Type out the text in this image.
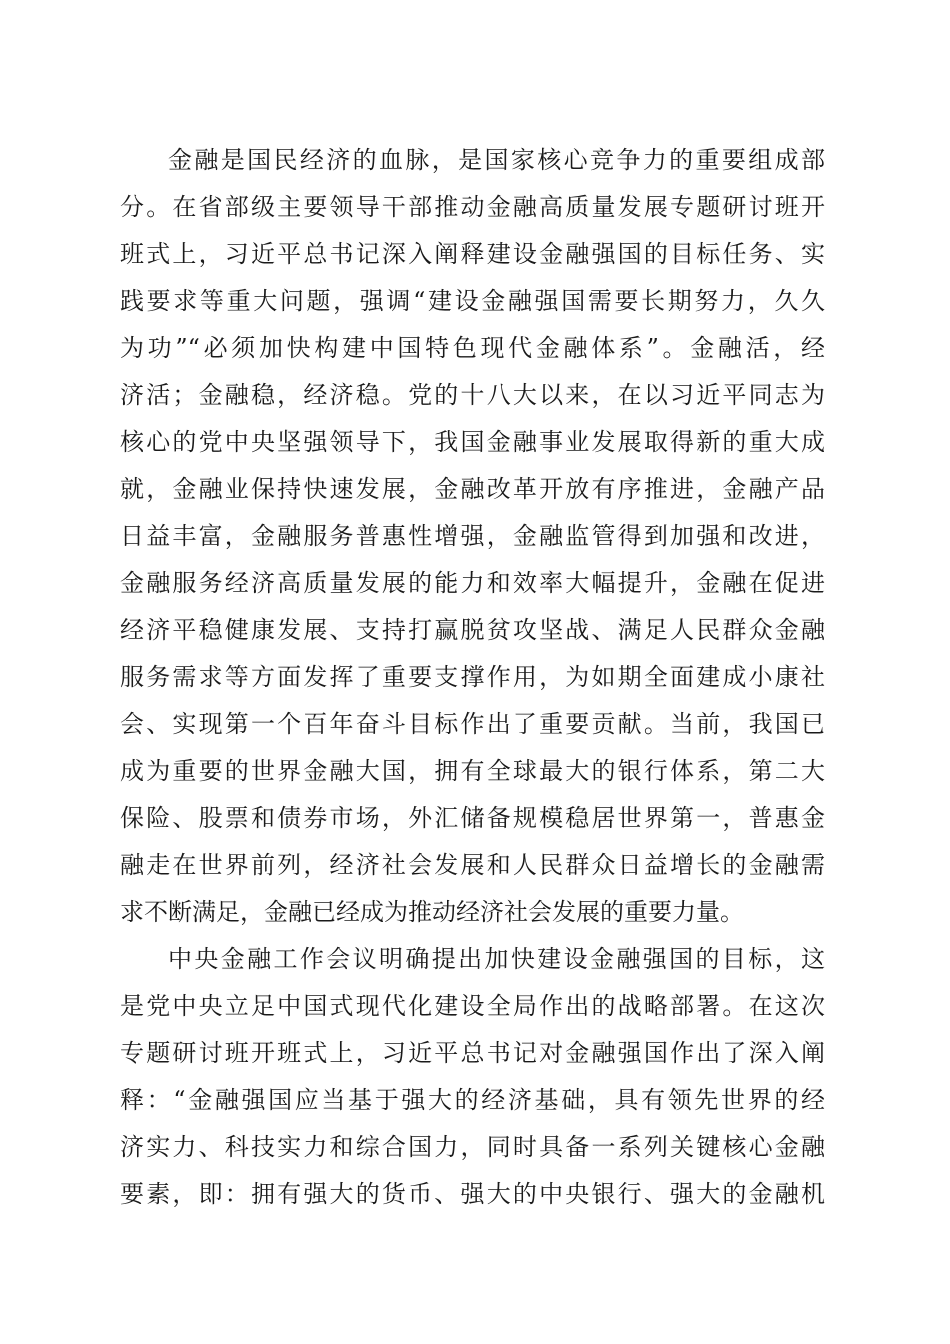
金融是国民经济的血脉，是国家核心竞争力的重要组成部
分。在省部级主要领导干部推动金融高质量发展专题研讨班开
班式上，习近平总书记深入阐释建设金融强国的目标任务、实
践要求等重大问题，强调“建设金融强国需要长期努力，久久
为功”“必须加快构建中国特色现代金融体系”。金融活，经
济活；金融稳，经济稳。党的十八大以来，在以习近平同志为
核心的党中央坚强领导下，我国金融事业发展取得新的重大成
就，金融业保持快速发展，金融改革开放有序推进，金融产品
日益丰富，金融服务普惠性增强，金融监管得到加强和改进，
金融服务经济高质量发展的能力和效率大幅提升，金融在促进
经济平稳健康发展、支持打赢脱贫攻坚战、满足人民群众金融
服务需求等方面发挥了重要支撑作用，为如期全面建成小康社
会、实现第一个百年奋斗目标作出了重要贡献。当前，我国已
成为重要的世界金融大国，拥有全球最大的银行体系，第二大
保险、股票和债券市场，外汇储备规模稳居世界第一，普惠金
融走在世界前列，经济社会发展和人民群众日益增长的金融需
求不断满足，金融已经成为推动经济社会发展的重要力量。
中央金融工作会议明确提出加快建设金融强国的目标，这
是党中央立足中国式现代化建设全局作出的战略部署。在这次
专题研讨班开班式上，习近平总书记对金融强国作出了深入阐
释：“金融强国应当基于强大的经济基础，具有领先世界的经
济实力、科技实力和综合国力，同时具备一系列关键核心金融
要素，即：拥有强大的货币、强大的中央银行、强大的金融机
